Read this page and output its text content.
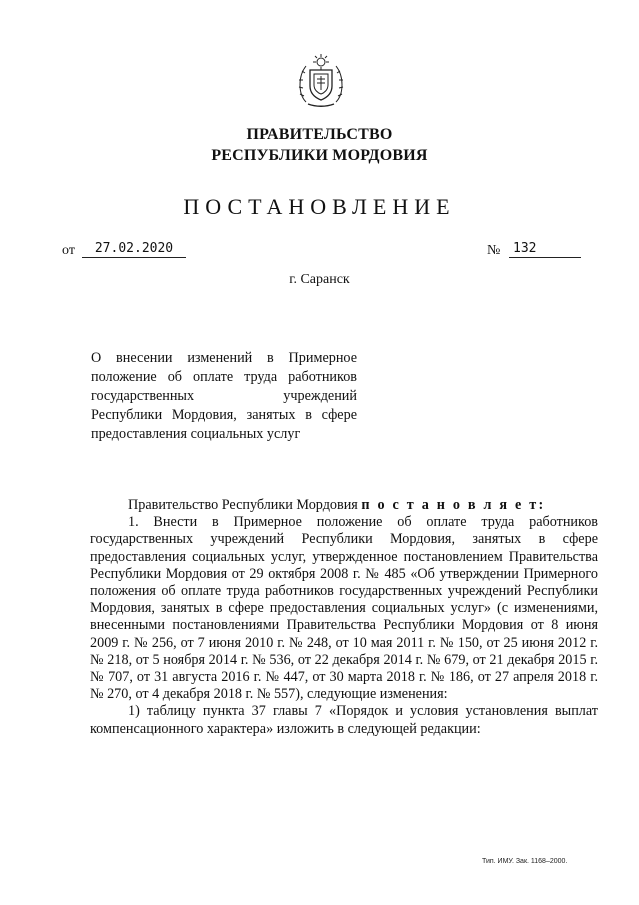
ПРАВИТЕЛЬСТВО
РЕСПУБЛИКИ МОРДОВИЯ
ПОСТАНОВЛЕНИЕ
от	27.02.2020	№ 132
г. Саранск
О внесении изменений в Примерное
положение об оплате труда работников
государственных учреждений
Республики Мордовия, занятых в сфере
предоставления социальных услуг

Правительство Республики Мордовия п о с т а н о в л я е т:

1. Внести в Примерное положение об оплате труда работников государственных учреждений Республики Мордовия, занятых в сфере предоставления социальных услуг, утвержденное постановлением Правительства Республики Мордовия от 29 октября 2008 г. № 485 «Об утверждении Примерного положения об оплате труда работников государственных учреждений Республики Мордовия, занятых в сфере предоставления социальных услуг» (с изменениями, внесенными постановлениями Правительства Республики Мордовия от 8 июня 2009 г. № 256, от 7 июня 2010 г. № 248, от 10 мая 2011 г. № 150, от 25 июня 2012 г. № 218, от 5 ноября 2014 г. № 536, от 22 декабря 2014 г. № 679, от 21 декабря 2015 г. № 707, от 31 августа 2016 г. № 447, от 30 марта 2018 г. № 186, от 27 апреля 2018 г. № 270, от 4 декабря 2018 г. № 557), следующие изменения:

1) таблицу пункта 37 главы 7 «Порядок и условия установления выплат компенсационного характера» изложить в следующей редакции:

Тип. ИМУ. Зак. 1168–2000.
